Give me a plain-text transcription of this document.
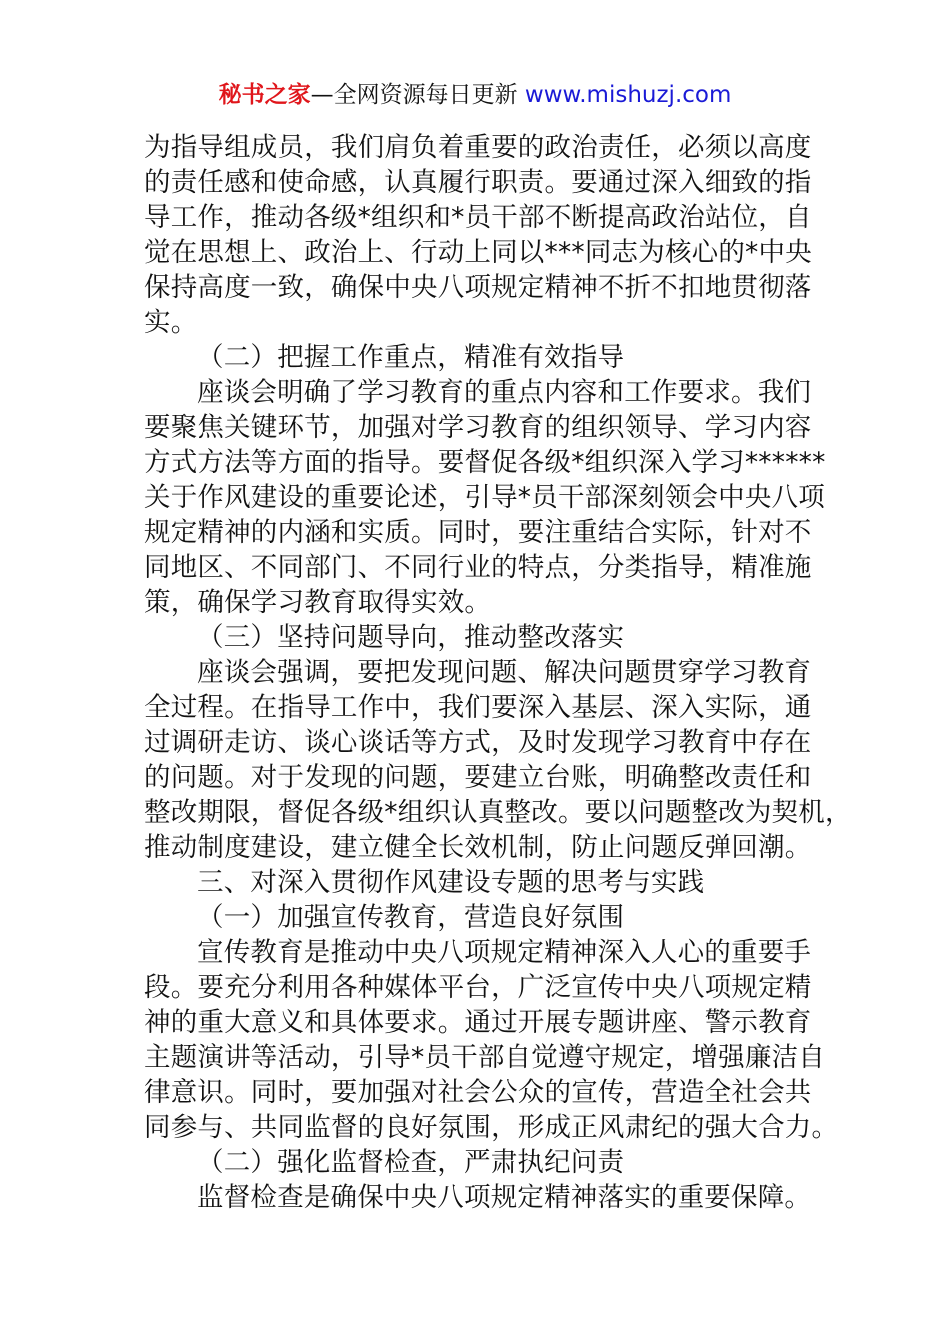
秘书之家—全网资源每日更新 www.mishuzj.com
为指导组成员，我们肩负着重要的政治责任，必须以高度
的责任感和使命感，认真履行职责。要通过深入细致的指
导工作，推动各级*组织和*员干部不断提高政治站位，自
觉在思想上、政治上、行动上同以***同志为核心的*中央
保持高度一致，确保中央八项规定精神不折不扣地贯彻落
实。
（二）把握工作重点，精准有效指导
座谈会明确了学习教育的重点内容和工作要求。我们
要聚焦关键环节，加强对学习教育的组织领导、学习内容
方式方法等方面的指导。要督促各级*组织深入学习******
关于作风建设的重要论述，引导*员干部深刻领会中央八项
规定精神的内涵和实质。同时，要注重结合实际，针对不
同地区、不同部门、不同行业的特点，分类指导，精准施
策，确保学习教育取得实效。
（三）坚持问题导向，推动整改落实
座谈会强调，要把发现问题、解决问题贯穿学习教育
全过程。在指导工作中，我们要深入基层、深入实际，通
过调研走访、谈心谈话等方式，及时发现学习教育中存在
的问题。对于发现的问题，要建立台账，明确整改责任和
整改期限，督促各级*组织认真整改。要以问题整改为契机，
推动制度建设，建立健全长效机制，防止问题反弹回潮。
三、对深入贯彻作风建设专题的思考与实践
（一）加强宣传教育，营造良好氛围
宣传教育是推动中央八项规定精神深入人心的重要手
段。要充分利用各种媒体平台，广泛宣传中央八项规定精
神的重大意义和具体要求。通过开展专题讲座、警示教育
主题演讲等活动，引导*员干部自觉遵守规定，增强廉洁自
律意识。同时，要加强对社会公众的宣传，营造全社会共
同参与、共同监督的良好氛围，形成正风肃纪的强大合力。
（二）强化监督检查，严肃执纪问责
监督检查是确保中央八项规定精神落实的重要保障。
